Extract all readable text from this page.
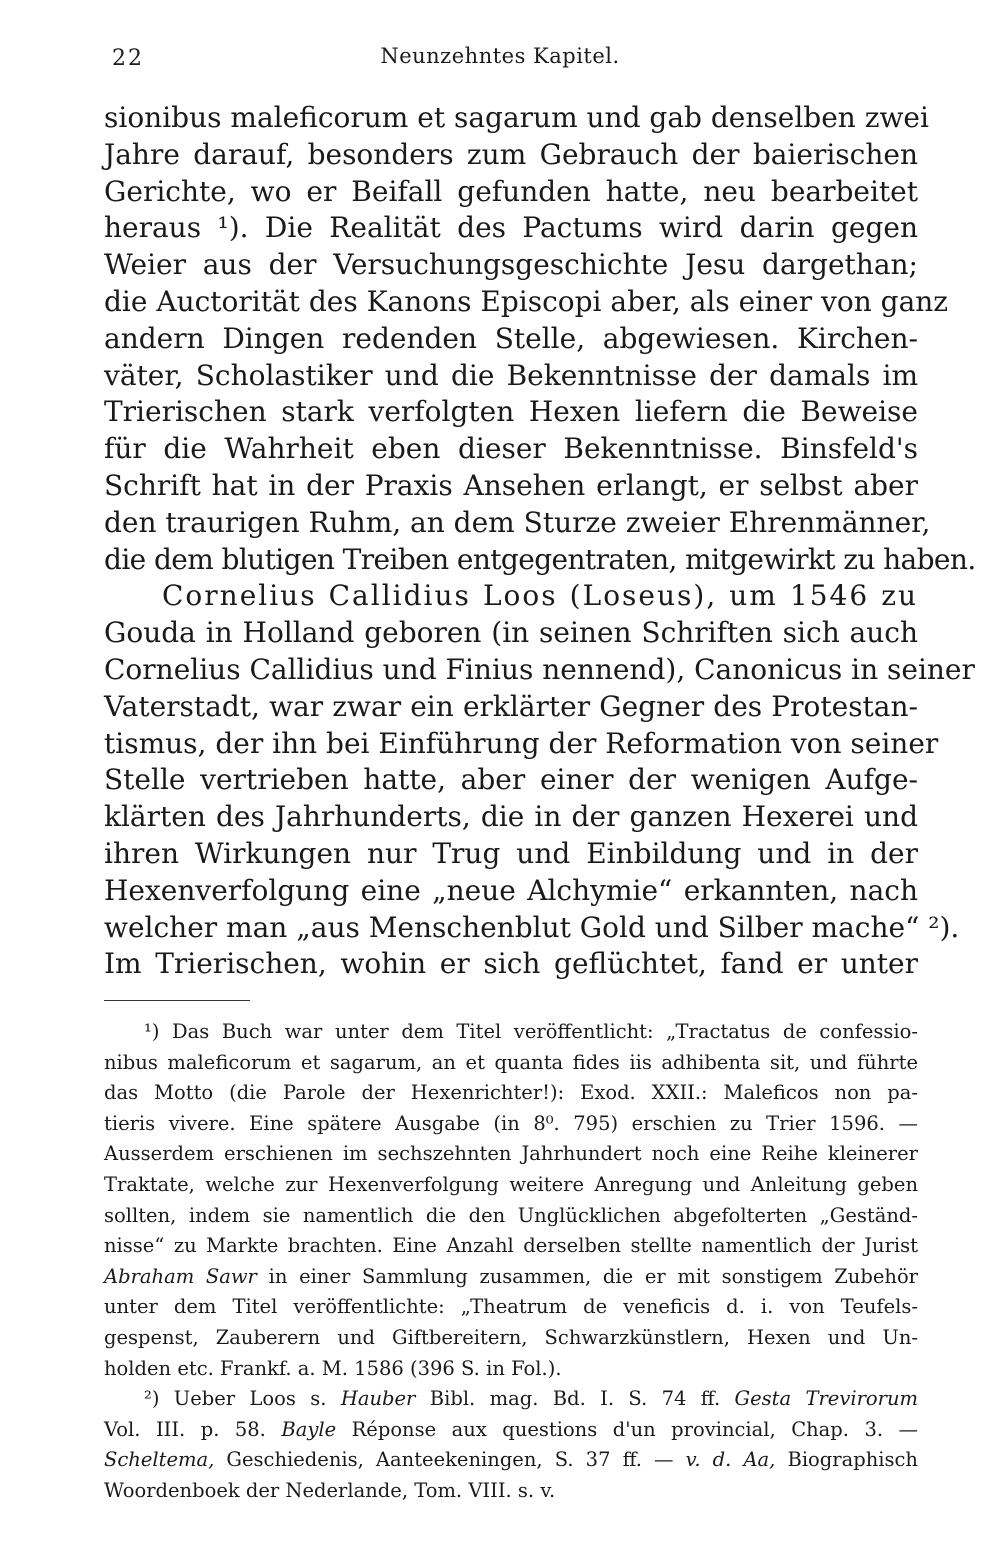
22	Neunzehntes Kapitel.
sionibus maleficorum et sagarum und gab denselben zwei
Jahre darauf, besonders zum Gebrauch der baierischen
Gerichte, wo er Beifall gefunden hatte, neu bearbeitet
heraus ¹). Die Realität des Pactums wird darin gegen
Weier aus der Versuchungsgeschichte Jesu dargethan;
die Auctorität des Kanons Episcopi aber, als einer von ganz
andern Dingen redenden Stelle, abgewiesen. Kirchen-
väter, Scholastiker und die Bekenntnisse der damals im
Trierischen stark verfolgten Hexen liefern die Beweise
für die Wahrheit eben dieser Bekenntnisse. Binsfeld's
Schrift hat in der Praxis Ansehen erlangt, er selbst aber
den traurigen Ruhm, an dem Sturze zweier Ehrenmänner,
die dem blutigen Treiben entgegentraten, mitgewirkt zu haben.
Cornelius Callidius Loos (Loseus), um 1546 zu
Gouda in Holland geboren (in seinen Schriften sich auch
Cornelius Callidius und Finius nennend), Canonicus in seiner
Vaterstadt, war zwar ein erklärter Gegner des Protestan-
tismus, der ihn bei Einführung der Reformation von seiner
Stelle vertrieben hatte, aber einer der wenigen Aufge-
klärten des Jahrhunderts, die in der ganzen Hexerei und
ihren Wirkungen nur Trug und Einbildung und in der
Hexenverfolgung eine „neue Alchymie“ erkannten, nach
welcher man „aus Menschenblut Gold und Silber mache“ ²).
Im Trierischen, wohin er sich geflüchtet, fand er unter
¹) Das Buch war unter dem Titel veröffentlicht: „Tractatus de confessio-
nibus maleficorum et sagarum, an et quanta fides iis adhibenta sit, und führte
das Motto (die Parole der Hexenrichter!): Exod. XXII.: Maleficos non pa-
tieris vivere. Eine spätere Ausgabe (in 8⁰. 795) erschien zu Trier 1596. —
Ausserdem erschienen im sechszehnten Jahrhundert noch eine Reihe kleinerer
Traktate, welche zur Hexenverfolgung weitere Anregung und Anleitung geben
sollten, indem sie namentlich die den Unglücklichen abgefolterten „Geständ-
nisse“ zu Markte brachten. Eine Anzahl derselben stellte namentlich der Jurist
Abraham Sawr in einer Sammlung zusammen, die er mit sonstigem Zubehör
unter dem Titel veröffentlichte: „Theatrum de veneficis d. i. von Teufels-
gespenst, Zauberern und Giftbereitern, Schwarzkünstlern, Hexen und Un-
holden etc. Frankf. a. M. 1586 (396 S. in Fol.).
²) Ueber Loos s. Hauber Bibl. mag. Bd. I. S. 74 ff. Gesta Trevirorum
Vol. III. p. 58. Bayle Réponse aux questions d'un provincial, Chap. 3. —
Scheltema, Geschiedenis, Aanteekeningen, S. 37 ff. — v. d. Aa, Biographisch
Woordenboek der Nederlande, Tom. VIII. s. v.
